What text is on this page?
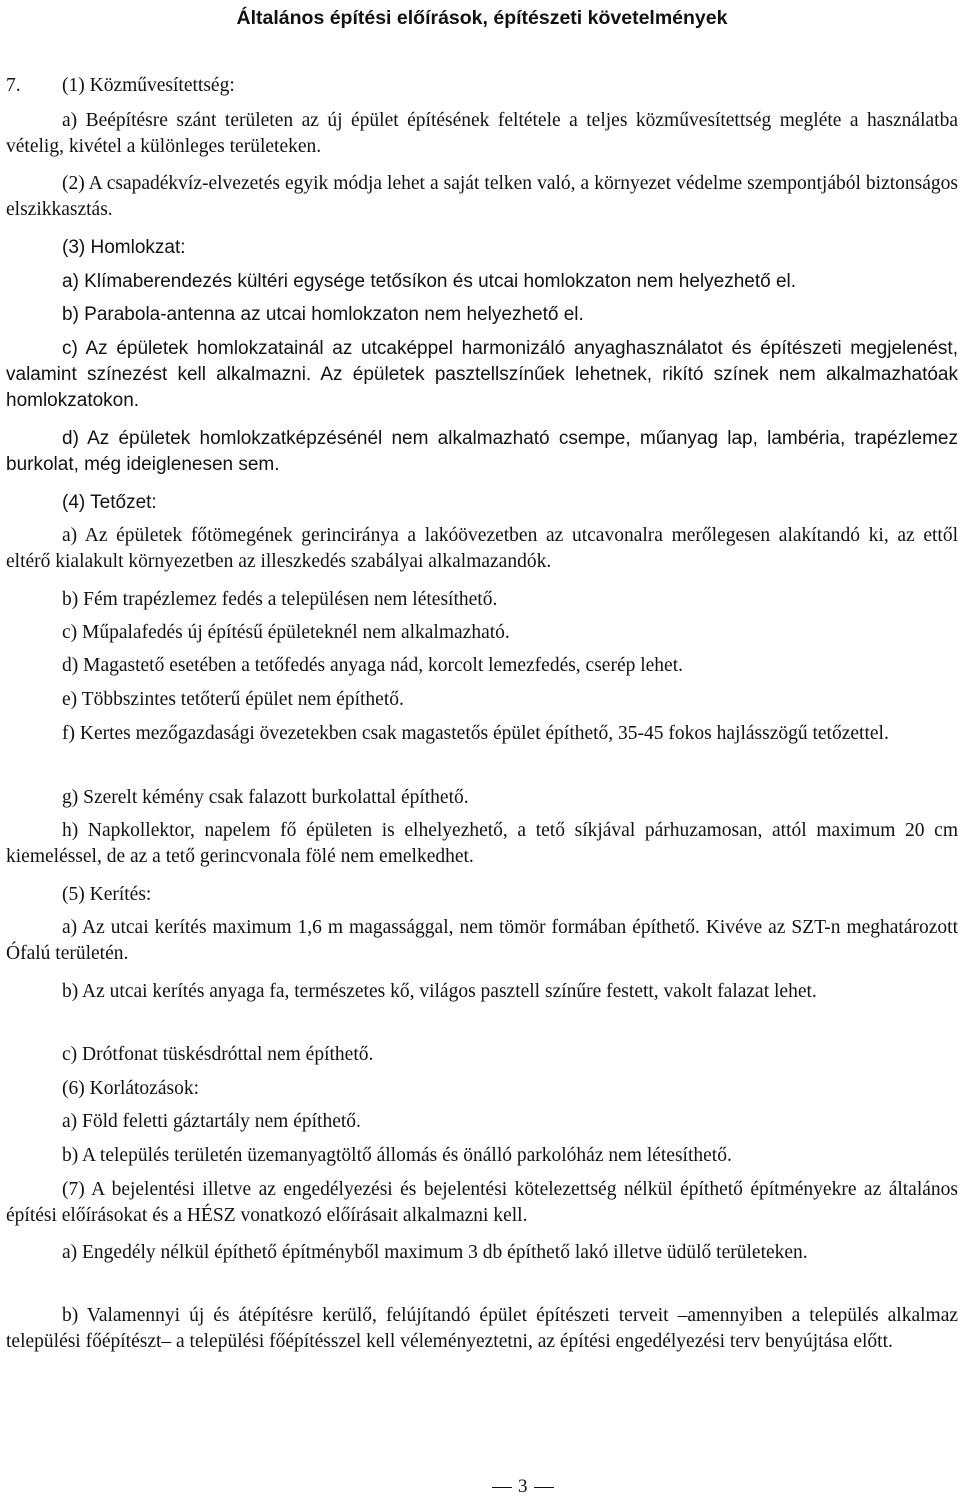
Általános építési előírások, építészeti követelmények
7. (1) Közművesítettség:

a) Beépítésre szánt területen az új épület építésének feltétele a teljes közművesítettség megléte a használatba vételig, kivétel a különleges területeken.

(2) A csapadékvíz-elvezetés egyik módja lehet a saját telken való, a környezet védelme szempontjából biztonságos elszikkasztás.

(3) Homlokzat:

a) Klímaberendezés kültéri egysége tetősíkon és utcai homlokzaton nem helyezhető el.

b) Parabola-antenna az utcai homlokzaton nem helyezhető el.

c) Az épületek homlokzatainál az utcaképpel harmonizáló anyaghasználatot és építészeti megjelenést, valamint színezést kell alkalmazni. Az épületek pasztellszínűek lehetnek, rikító színek nem alkalmazhatóak homlokzatokon.

d) Az épületek homlokzatképzésénél nem alkalmazható csempe, műanyag lap, lambéria, trapézlemez burkolat, még ideiglenesen sem.

(4) Tetőzet:

a) Az épületek főtömegének gerinciránya a lakóövezetben az utcavonalra merőlegesen alakítandó ki, az ettől eltérő kialakult környezetben az illeszkedés szabályai alkalmazandók.

b) Fém trapézlemez fedés a településen nem létesíthető.

c) Műpalafedés új építésű épületeknél nem alkalmazható.

d) Magastető esetében a tetőfedés anyaga nád, korcolt lemezfedés, cserép lehet.

e) Többszintes tetőterű épület nem építhető.

f) Kertes mezőgazdasági övezetekben csak magastetős épület építhető, 35-45 fokos hajlásszögű tetőzettel.

g) Szerelt kémény csak falazott burkolattal építhető.

h) Napkollektor, napelem fő épületen is elhelyezhető, a tető síkjával párhuzamosan, attól maximum 20 cm kiemeléssel, de az a tető gerincvonala fölé nem emelkedhet.

(5) Kerítés:

a) Az utcai kerítés maximum 1,6 m magassággal, nem tömör formában építhető. Kivéve az SZT-n meghatározott Ófalú területén.

b) Az utcai kerítés anyaga fa, természetes kő, világos pasztell színűre festett, vakolt falazat lehet.

c) Drótfonat tüskésdróttal nem építhető.

(6) Korlátozások:

a) Föld feletti gáztartály nem építhető.

b) A település területén üzemanyagtöltő állomás és önálló parkolóház nem létesíthető.

(7) A bejelentési illetve az engedélyezési és bejelentési kötelezettség nélkül építhető építményekre az általános építési előírásokat és a HÉSZ vonatkozó előírásait alkalmazni kell.

a) Engedély nélkül építhető építményből maximum 3 db építhető lakó illetve üdülő területeken.

b) Valamennyi új és átépítésre kerülő, felújítandó épület építészeti terveit –amennyiben a település alkalmaz települési főépítészt– a települési főépítésszel kell véleményeztetni, az építési engedélyezési terv benyújtása előtt.

3
